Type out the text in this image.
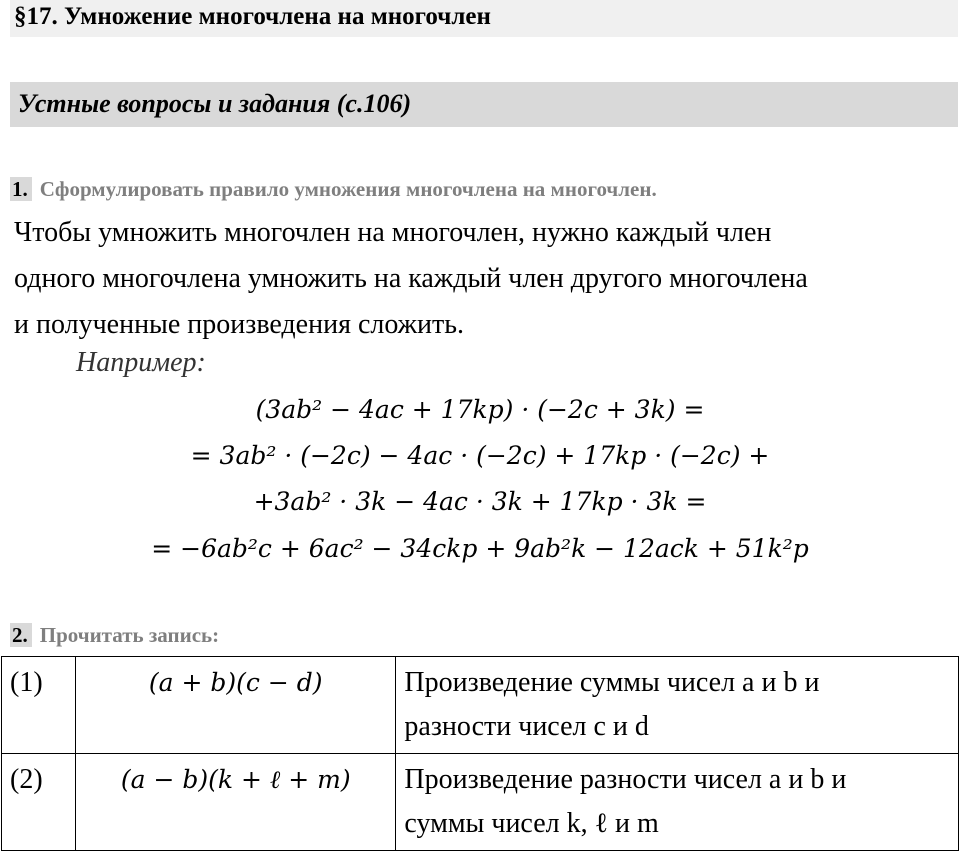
§17. Умножение многочлена на многочлен
Устные вопросы и задания (с.106)
1. Сформулировать правило умножения многочлена на многочлен.
Чтобы умножить многочлен на многочлен, нужно каждый член
одного многочлена умножить на каждый член другого многочлена
и полученные произведения сложить.
Например:
(3ab² − 4ac + 17kp) · (−2c + 3k) =
= 3ab² · (−2c) − 4ac · (−2c) + 17kp · (−2c) +
+3ab² · 3k − 4ac · 3k + 17kp · 3k =
= −6ab²c + 6ac² − 34ckp + 9ab²k − 12ack + 51k²p
2. Прочитать запись:
(1)	(a + b)(c − d)	Произведение суммы чисел a и b и
разности чисел c и d

(2)	(a − b)(k + ℓ + m)	Произведение разности чисел a и b и
суммы чисел k, ℓ и m
